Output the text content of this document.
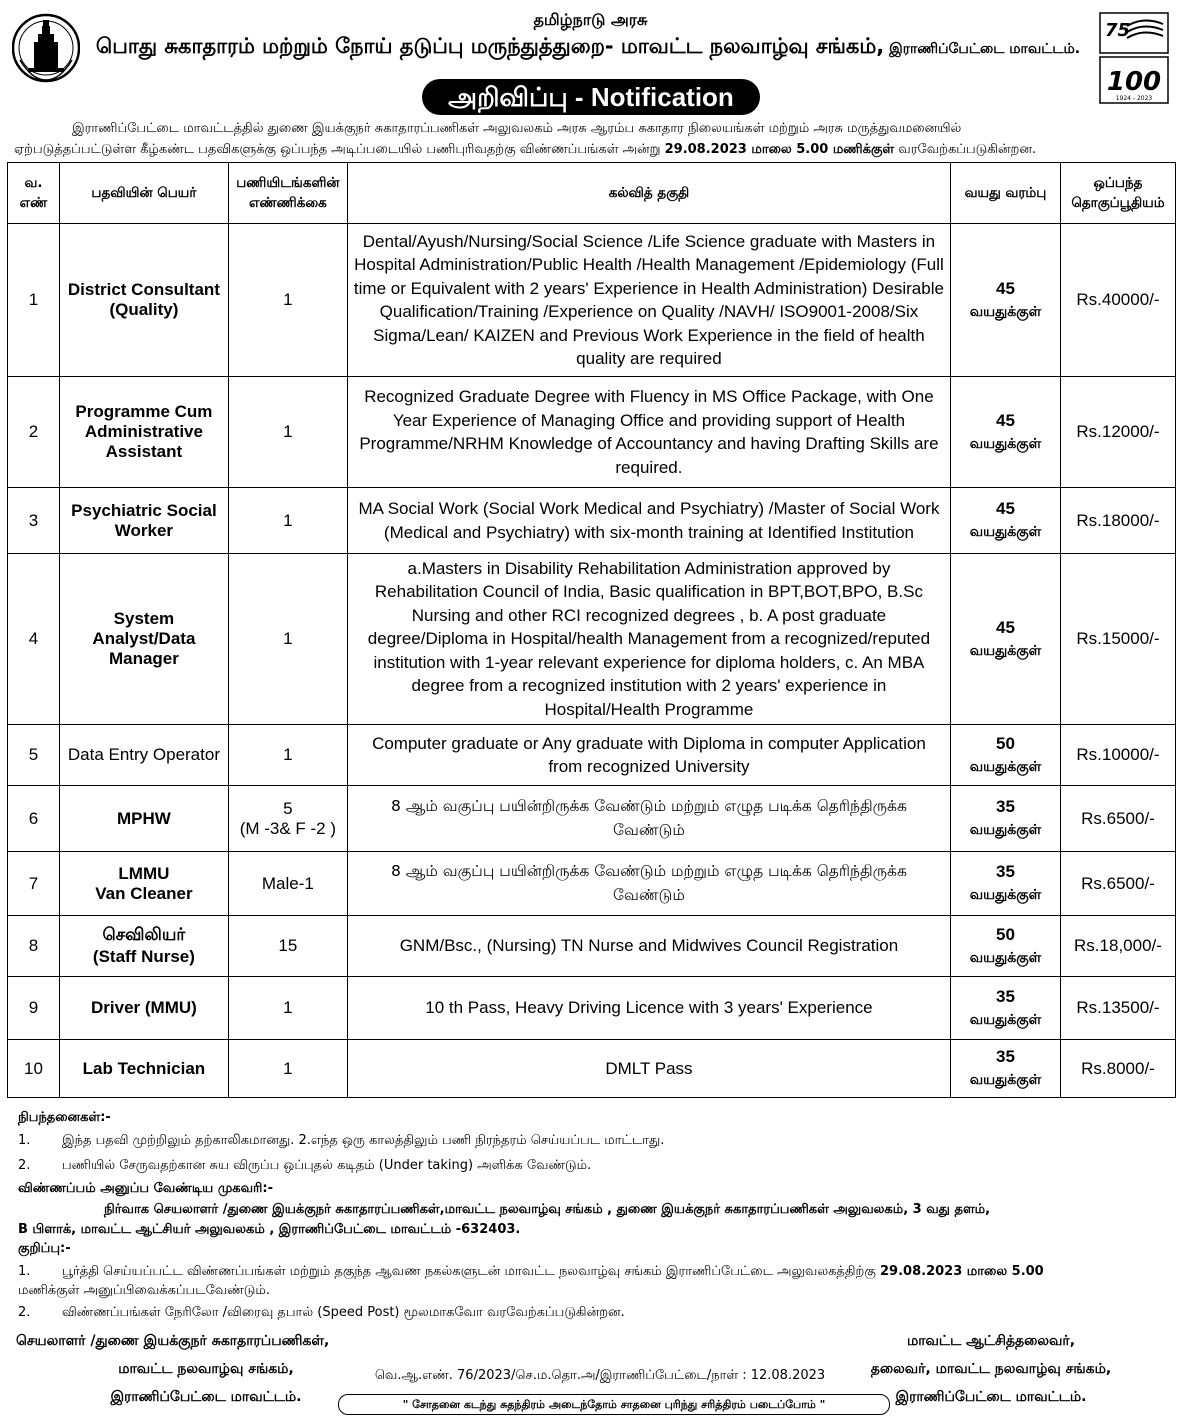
75
100
1924 - 2023
தமிழ்நாடு அரசு
பொது சுகாதாரம் மற்றும் நோய் தடுப்பு மருந்துத்துறை- மாவட்ட நலவாழ்வு சங்கம், இராணிப்பேட்டை மாவட்டம்.
அறிவிப்பு - Notification

இராணிப்பேட்டை மாவட்டத்தில் துணை இயக்குநர் சுகாதாரப்பணிகள் அலுவலகம் அரசு ஆரம்ப சுகாதார நிலையங்கள் மற்றும் அரசு மருத்துவமனையில்

ஏற்படுத்தப்பட்டுள்ள கீழ்கண்ட பதவிகளுக்கு ஒப்பந்த அடிப்படையில் பணிபுரிவதற்கு விண்ணப்பங்கள் அன்று 29.08.2023 மாலை 5.00 மணிக்குள் வரவேற்கப்படுகின்றன.

வ. எண்	பதவியின் பெயர்	பணியிடங்களின் எண்ணிக்கை	கல்வித் தகுதி	வயது வரம்பு	ஒப்பந்த தொகுப்பூதியம்
1	District Consultant (Quality)	1	Dental/Ayush/Nursing/Social Science /Life Science graduate with Masters in Hospital Administration/Public Health /Health Management /Epidemiology (Full time or Equivalent with 2 years' Experience in Health Administration) Desirable Qualification/Training /Experience on Quality /NAVH/ ISO9001-2008/Six Sigma/Lean/ KAIZEN and Previous Work Experience in the field of health quality are required	45
வயதுக்குள்	Rs.40000/-
2	Programme Cum Administrative Assistant	1	Recognized Graduate Degree with Fluency in MS Office Package, with One Year Experience of Managing Office and providing support of Health Programme/NRHM Knowledge of Accountancy and having Drafting Skills are required.	45
வயதுக்குள்	Rs.12000/-
3	Psychiatric Social Worker	1	MA Social Work (Social Work Medical and Psychiatry) /Master of Social Work (Medical and Psychiatry) with six-month training at Identified Institution	45
வயதுக்குள்	Rs.18000/-
4	System Analyst/Data Manager	1	a.Masters in Disability Rehabilitation Administration approved by Rehabilitation Council of India, Basic qualification in BPT,BOT,BPO, B.Sc Nursing and other RCI recognized degrees , b. A post graduate degree/Diploma in Hospital/health Management from a recognized/reputed institution with 1-year relevant experience for diploma holders, c. An MBA degree from a recognized institution with 2 years' experience in Hospital/Health Programme	45
வயதுக்குள்	Rs.15000/-
5	Data Entry Operator	1	Computer graduate or Any graduate with Diploma in computer Application from recognized University	50
வயதுக்குள்	Rs.10000/-
6	MPHW	5
(M -3& F -2 )	8 ஆம் வகுப்பு பயின்றிருக்க வேண்டும் மற்றும் எழுத படிக்க தெரிந்திருக்க வேண்டும்	35
வயதுக்குள்	Rs.6500/-
7	LMMU
Van Cleaner	Male-1	8 ஆம் வகுப்பு பயின்றிருக்க வேண்டும் மற்றும் எழுத படிக்க தெரிந்திருக்க வேண்டும்	35
வயதுக்குள்	Rs.6500/-
8	செவிலியர்
(Staff Nurse)	15	GNM/Bsc., (Nursing) TN Nurse and Midwives Council Registration	50
வயதுக்குள்	Rs.18,000/-
9	Driver (MMU)	1	10 th Pass, Heavy Driving Licence with 3 years' Experience	35
வயதுக்குள்	Rs.13500/-
10	Lab Technician	1	DMLT Pass	35
வயதுக்குள்	Rs.8000/-
நிபந்தனைகள்:-
1. இந்த பதவி முற்றிலும் தற்காலிகமானது. 2.எந்த ஒரு காலத்திலும் பணி நிரந்தரம் செய்யப்பட மாட்டாது.
2. பணியில் சேருவதற்கான சுய விருப்ப ஒப்புதல் கடிதம் (Under taking) அளிக்க வேண்டும்.
விண்ணப்பம் அனுப்ப வேண்டிய முகவரி:-
நிர்வாக செயலாளர் /துணை இயக்குநர் சுகாதாரப்பணிகள்,மாவட்ட நலவாழ்வு சங்கம் , துணை இயக்குநர் சுகாதாரப்பணிகள் அலுவலகம், 3 வது தளம்,
B பிளாக், மாவட்ட ஆட்சியர் அலுவலகம் , இராணிப்பேட்டை மாவட்டம் -632403.
குறிப்பு:-
1. பூர்த்தி செய்யப்பட்ட விண்ணப்பங்கள் மற்றும் தகுந்த ஆவண நகல்களுடன் மாவட்ட நலவாழ்வு சங்கம் இராணிப்பேட்டை அலுவலகத்திற்கு 29.08.2023 மாலை 5.00
மணிக்குள் அனுப்பிவைக்கப்படவேண்டும்.
2. விண்ணப்பங்கள் நேரிலோ /விரைவு தபால் (Speed Post) மூலமாகவோ வரவேற்கப்படுகின்றன.
செயலாளர் /துணை இயக்குநர் சுகாதாரப்பணிகள்,

மாவட்ட நலவாழ்வு சங்கம்,
இராணிப்பேட்டை மாவட்டம்.
மாவட்ட ஆட்சித்தலைவர்,
தலைவர், மாவட்ட நலவாழ்வு சங்கம்,
இராணிப்பேட்டை மாவட்டம்.
வெ.ஆ.எண். 76/2023/செ.ம.தொ.அ/இராணிப்பேட்டை/நாள் : 12.08.2023
" சோதனை கடந்து சுதந்திரம் அடைந்தோம் சாதனை புரிந்து சரித்திரம் படைப்போம் "
